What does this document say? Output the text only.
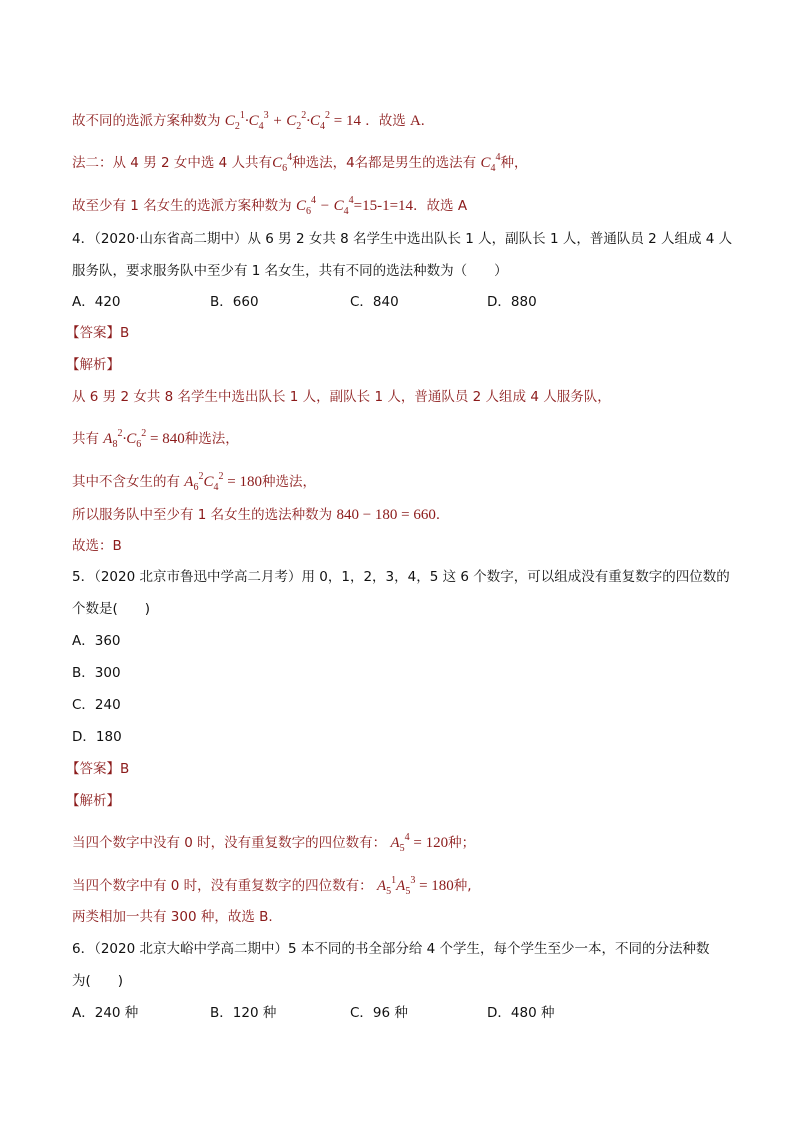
故不同的选派方案种数为 $C_2^1\cdot C_4^3 + C_2^2\cdot C_4^2 = 14$ ．故选 A.
法二：从 4 男 2 女中选 4 人共有$C_6^4$种选法，4名都是男生的选法有 $C_4^4$种，
故至少有 1 名女生的选派方案种数为 $C_6^4 - C_4^4=15-1=14$．故选 A
4．（2020·山东省高二期中）从 6 男 2 女共 8 名学生中选出队长 1 人，副队长 1 人，普通队员 2 人组成 4 人
服务队，要求服务队中至少有 1 名女生，共有不同的选法种数为（　　）
A．420	B．660	C．840	D．880
【答案】B
【解析】
从 6 男 2 女共 8 名学生中选出队长 1 人，副队长 1 人，普通队员 2 人组成 4 人服务队，
共有 $A_8^2\cdot C_6^2 = 840$种选法，
其中不含女生的有 $A_6^2C_4^2 = 180$种选法，
所以服务队中至少有 1 名女生的选法种数为 840 − 180 = 660．
故选：B
5．（2020 北京市鲁迅中学高二月考）用 0，1，2，3，4，5 这 6 个数字，可以组成没有重复数字的四位数的
个数是(　　)
A．360
B．300
C．240
D．180
【答案】B
【解析】
当四个数字中没有 0 时，没有重复数字的四位数有： $A_5^4 = 120$种；
当四个数字中有 0 时，没有重复数字的四位数有： $A_5^1A_5^3 = 180$种,
两类相加一共有 300 种，故选 B.
6．（2020 北京大峪中学高二期中）5 本不同的书全部分给 4 个学生，每个学生至少一本，不同的分法种数
为(　　)
A．240 种	B．120 种	C．96 种	D．480 种
